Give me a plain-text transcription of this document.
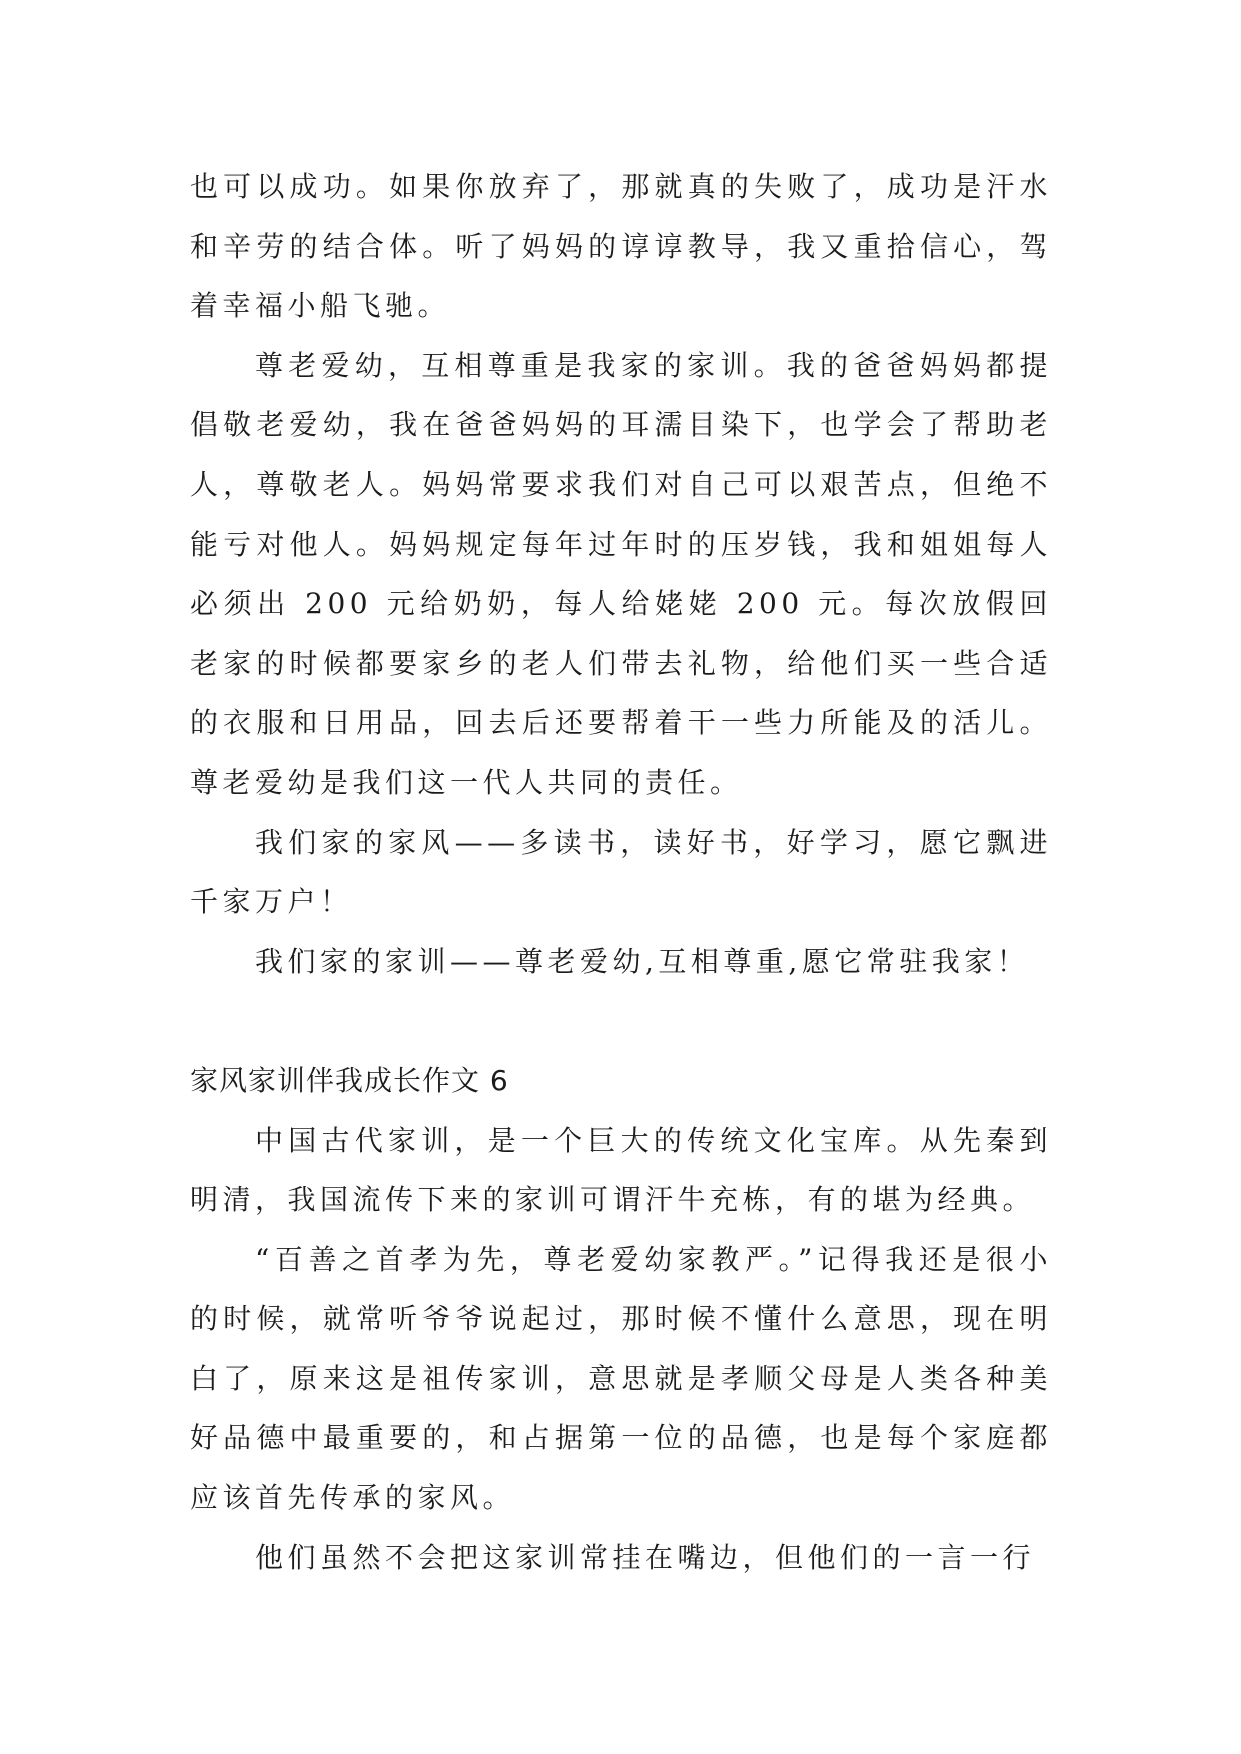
也可以成功。如果你放弃了，那就真的失败了，成功是汗水和辛劳的结合体。听了妈妈的谆谆教导，我又重拾信心，驾着幸福小船飞驰。

尊老爱幼，互相尊重是我家的家训。我的爸爸妈妈都提倡敬老爱幼，我在爸爸妈妈的耳濡目染下，也学会了帮助老人，尊敬老人。妈妈常要求我们对自己可以艰苦点，但绝不能亏对他人。妈妈规定每年过年时的压岁钱，我和姐姐每人必须出 200 元给奶奶，每人给姥姥 200 元。每次放假回老家的时候都要家乡的老人们带去礼物，给他们买一些合适的衣服和日用品，回去后还要帮着干一些力所能及的活儿。尊老爱幼是我们这一代人共同的责任。

我们家的家风——多读书，读好书，好学习，愿它飘进千家万户！

我们家的家训——尊老爱幼,互相尊重,愿它常驻我家！

家风家训伴我成长作文 6

中国古代家训，是一个巨大的传统文化宝库。从先秦到明清，我国流传下来的家训可谓汗牛充栋，有的堪为经典。

“百善之首孝为先，尊老爱幼家教严。”记得我还是很小的时候，就常听爷爷说起过，那时候不懂什么意思，现在明白了，原来这是祖传家训，意思就是孝顺父母是人类各种美好品德中最重要的，和占据第一位的品德，也是每个家庭都应该首先传承的家风。

他们虽然不会把这家训常挂在嘴边，但他们的一言一行
